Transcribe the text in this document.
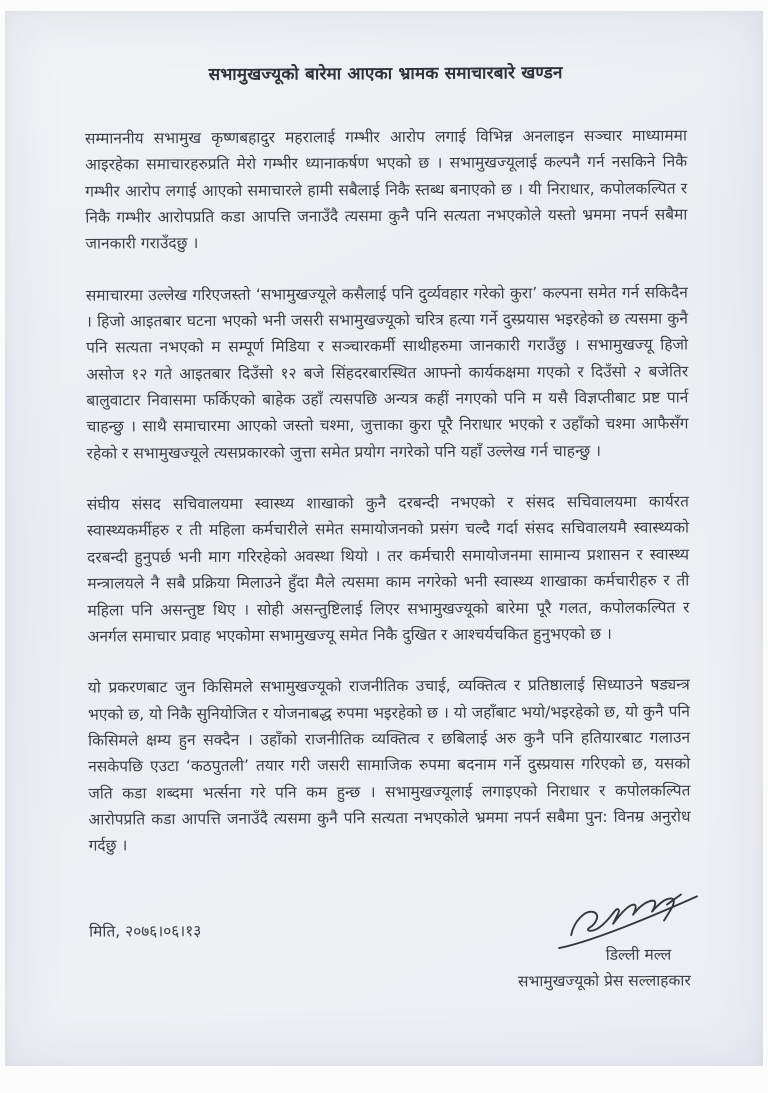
सभामुखज्यूको बारेमा आएका भ्रामक समाचारबारे खण्डन

सम्माननीय सभामुख कृष्णबहादुर महरालाई गम्भीर आरोप लगाई विभिन्न अनलाइन सञ्चार माध्याममा आइरहेका समाचारहरुप्रति मेरो गम्भीर ध्यानाकर्षण भएको छ । सभामुखज्यूलाई कल्पनै गर्न नसकिने निकै गम्भीर आरोप लगाई आएको समाचारले हामी सबैलाई निकै स्तब्ध बनाएको छ । यी निराधार, कपोलकल्पित र निकै गम्भीर आरोपप्रति कडा आपत्ति जनाउँदै त्यसमा कुनै पनि सत्यता नभएकोले यस्तो भ्रममा नपर्न सबैमा जानकारी गराउँदछु ।

समाचारमा उल्लेख गरिएजस्तो ‘सभामुखज्यूले कसैलाई पनि दुर्व्यवहार गरेको कुरा’ कल्पना समेत गर्न सकिदैन । हिजो आइतबार घटना भएको भनी जसरी सभामुखज्यूको चरित्र हत्या गर्ने दुस्प्रयास भइरहेको छ त्यसमा कुनै पनि सत्यता नभएको म सम्पूर्ण मिडिया र सञ्चारकर्मी साथीहरुमा जानकारी गराउँछु । सभामुखज्यू हिजो असोज १२ गते आइतबार दिउँसो १२ बजे सिंहदरबारस्थित आफ्नो कार्यकक्षमा गएको र दिउँसो २ बजेतिर बालुवाटार निवासमा फर्किएको बाहेक उहाँ त्यसपछि अन्यत्र कहीं नगएको पनि म यसै विज्ञप्तीबाट प्रष्ट पार्न चाहन्छु । साथै समाचारमा आएको जस्तो चश्मा, जुत्ताका कुरा पूरै निराधार भएको र उहाँको चश्मा आफैसँग रहेको र सभामुखज्यूले त्यसप्रकारको जुत्ता समेत प्रयोग नगरेको पनि यहाँ उल्लेख गर्न चाहन्छु ।

संघीय संसद सचिवालयमा स्वास्थ्य शाखाको कुनै दरबन्दी नभएको र संसद सचिवालयमा कार्यरत स्वास्थ्यकर्मीहरु र ती महिला कर्मचारीले समेत समायोजनको प्रसंग चल्दै गर्दा संसद सचिवालयमै स्वास्थ्यको दरबन्दी हुनुपर्छ भनी माग गरिरहेको अवस्था थियो । तर कर्मचारी समायोजनमा सामान्य प्रशासन र स्वास्थ्य मन्त्रालयले नै सबै प्रक्रिया मिलाउने हुँदा मैले त्यसमा काम नगरेको भनी स्वास्थ्य शाखाका कर्मचारीहरु र ती महिला पनि असन्तुष्ट थिए । सोही असन्तुष्टिलाई लिएर सभामुखज्यूको बारेमा पूरै गलत, कपोलकल्पित र अनर्गल समाचार प्रवाह भएकोमा सभामुखज्यू समेत निकै दुखित र आश्चर्यचकित हुनुभएको छ ।

यो प्रकरणबाट जुन किसिमले सभामुखज्यूको राजनीतिक उचाई, व्यक्तित्व र प्रतिष्ठालाई सिध्याउने षड्यन्त्र भएको छ, यो निकै सुनियोजित र योजनाबद्ध रुपमा भइरहेको छ । यो जहाँबाट भयो/भइरहेको छ, यो कुनै पनि किसिमले क्षम्य हुन सक्दैन । उहाँको राजनीतिक व्यक्तित्व र छबिलाई अरु कुनै पनि हतियारबाट गलाउन नसकेपछि एउटा ‘कठपुतली’ तयार गरी जसरी सामाजिक रुपमा बदनाम गर्ने दुस्प्रयास गरिएको छ, यसको जति कडा शब्दमा भर्त्सना गरे पनि कम हुन्छ । सभामुखज्यूलाई लगाइएको निराधार र कपोलकल्पित आरोपप्रति कडा आपत्ति जनाउँदै त्यसमा कुनै पनि सत्यता नभएकोले भ्रममा नपर्न सबैमा पुन: विनम्र अनुरोध गर्दछु ।

मिति, २०७६।०६।१३
डिल्ली मल्ल
सभामुखज्यूको प्रेस सल्लाहकार
